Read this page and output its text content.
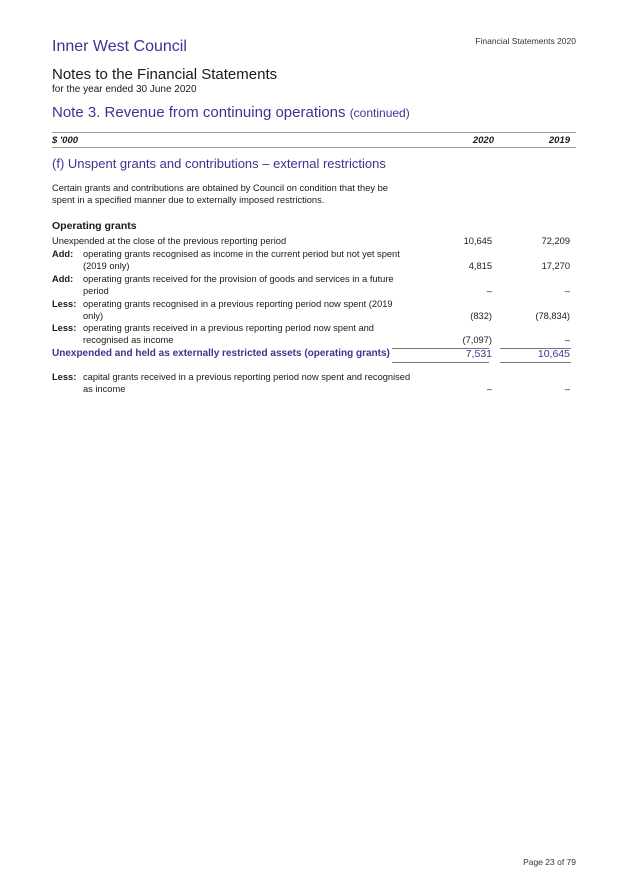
Financial Statements 2020
Inner West Council
Notes to the Financial Statements
for the year ended 30 June 2020
Note 3. Revenue from continuing operations (continued)
$ '000	2020	2019
(f) Unspent grants and contributions – external restrictions
Certain grants and contributions are obtained by Council on condition that they be spent in a specified manner due to externally imposed restrictions.
Operating grants
Unexpended at the close of the previous reporting period	10,645	72,209
Add: operating grants recognised as income in the current period but not yet spent (2019 only)	4,815	17,270
Add: operating grants received for the provision of goods and services in a future period	–	–
Less: operating grants recognised in a previous reporting period now spent (2019 only)	(832)	(78,834)
Less: operating grants received in a previous reporting period now spent and recognised as income	(7,097)	–
Unexpended and held as externally restricted assets (operating grants)	7,531	10,645
Less: capital grants received in a previous reporting period now spent and recognised as income	–	–
Page 23 of 79
